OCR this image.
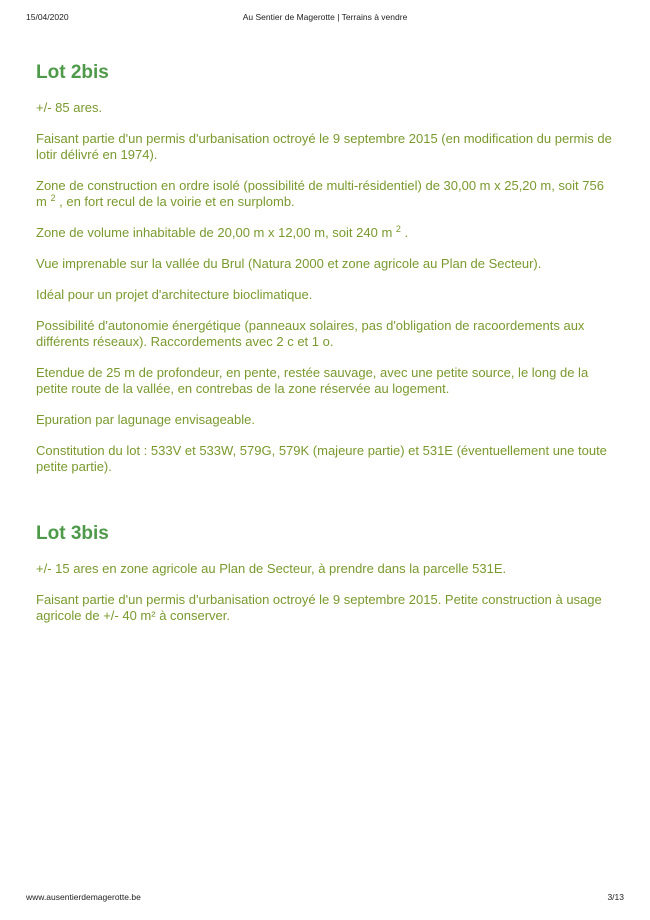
15/04/2020	Au Sentier de Magerotte | Terrains à vendre
Lot 2bis

+/- 85 ares.

Faisant partie d'un permis d'urbanisation octroyé le 9 septembre 2015 (en modification du permis de lotir délivré en 1974).

Zone de construction en ordre isolé (possibilité de multi-résidentiel) de 30,00 m x 25,20 m, soit 756 m $^2$ , en fort recul de la voirie et en surplomb.

Zone de volume inhabitable de 20,00 m x 12,00 m, soit 240 m $^2$ .

Vue imprenable sur la vallée du Brul (Natura 2000 et zone agricole au Plan de Secteur).

Idéal pour un projet d'architecture bioclimatique.

Possibilité d'autonomie énergétique (panneaux solaires, pas d'obligation de racoordements aux différents réseaux). Raccordements avec 2 c et 1 o.

Etendue de 25 m de profondeur, en pente, restée sauvage, avec une petite source, le long de la petite route de la vallée, en contrebas de la zone réservée au logement.

Epuration par lagunage envisageable.

Constitution du lot : 533V et 533W, 579G, 579K (majeure partie) et 531E (éventuellement une toute petite partie).

Lot 3bis

+/- 15 ares en zone agricole au Plan de Secteur, à prendre dans la parcelle 531E.

Faisant partie d'un permis d'urbanisation octroyé le 9 septembre 2015. Petite construction à usage agricole de +/- 40 m² à conserver.

www.ausentierdemagerotte.be	3/13
